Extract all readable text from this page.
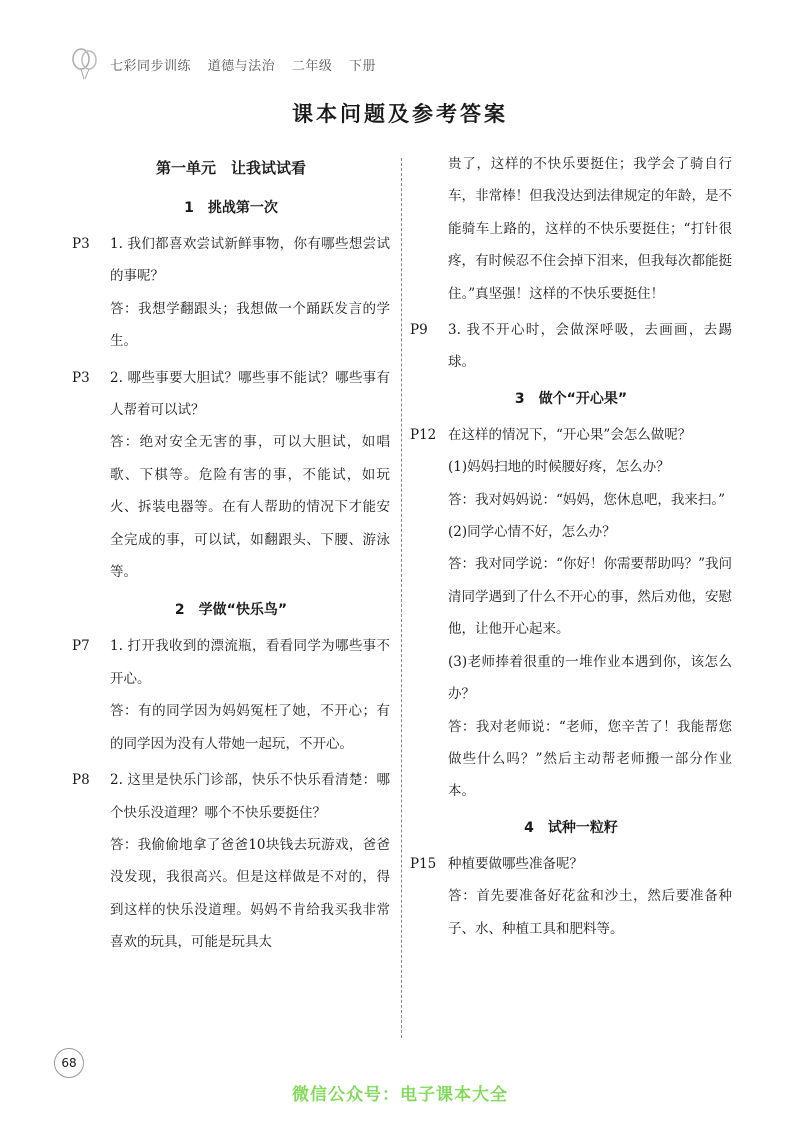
七彩同步训练 道德与法治 二年级 下册
课本问题及参考答案
第一单元　让我试试看
1　挑战第一次
P3	1. 我们都喜欢尝试新鲜事物，你有哪些想尝试的事呢？
答：我想学翻跟头；我想做一个踊跃发言的学生。
P3	2. 哪些事要大胆试？哪些事不能试？哪些事有人帮着可以试？
答：绝对安全无害的事，可以大胆试，如唱歌、下棋等。危险有害的事，不能试，如玩火、拆装电器等。在有人帮助的情况下才能安全完成的事，可以试，如翻跟头、下腰、游泳等。
2　学做“快乐鸟”
P7	1. 打开我收到的漂流瓶，看看同学为哪些事不开心。
答：有的同学因为妈妈冤枉了她，不开心；有的同学因为没有人带她一起玩，不开心。
P8	2. 这里是快乐门诊部，快乐不快乐看清楚：哪个快乐没道理？哪个不快乐要挺住？
答：我偷偷地拿了爸爸10块钱去玩游戏，爸爸没发现，我很高兴。但是这样做是不对的，得到这样的快乐没道理。妈妈不肯给我买我非常喜欢的玩具，可能是玩具太
贵了，这样的不快乐要挺住；我学会了骑自行车，非常棒！但我没达到法律规定的年龄，是不能骑车上路的，这样的不快乐要挺住；“打针很疼，有时候忍不住会掉下泪来，但我每次都能挺住。”真坚强！这样的不快乐要挺住！
P9	3. 我不开心时，会做深呼吸，去画画，去踢球。
3　做个“开心果”
P12 在这样的情况下，“开心果”会怎么做呢？
(1)妈妈扫地的时候腰好疼，怎么办？
答：我对妈妈说：“妈妈，您休息吧，我来扫。”
(2)同学心情不好，怎么办？
答：我对同学说：“你好！你需要帮助吗？”我问清同学遇到了什么不开心的事，然后劝他，安慰他，让他开心起来。
(3)老师捧着很重的一堆作业本遇到你，该怎么办？
答：我对老师说：“老师，您辛苦了！我能帮您做些什么吗？”然后主动帮老师搬一部分作业本。
4　试种一粒籽
P15 种植要做哪些准备呢？
答：首先要准备好花盆和沙土，然后要准备种子、水、种植工具和肥料等。
68
微信公众号：电子课本大全
